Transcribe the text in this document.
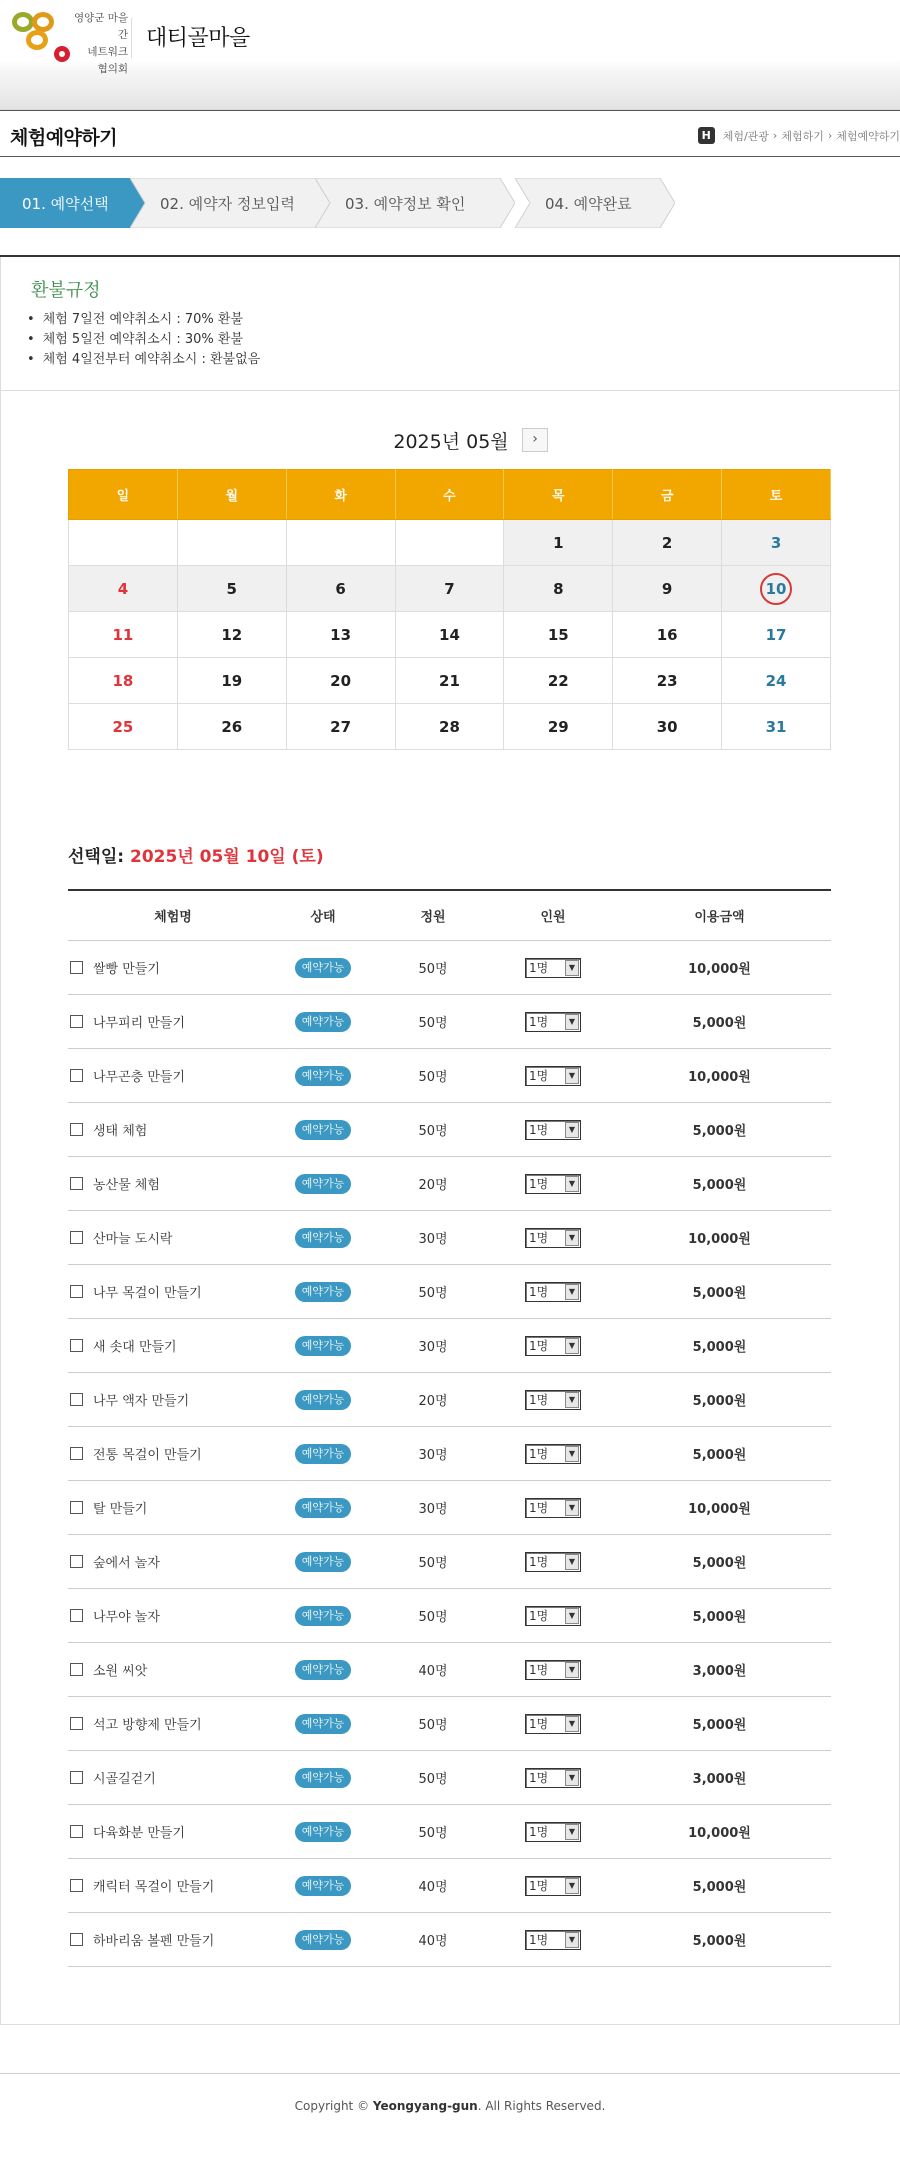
영양군 마을 간
네트워크
협의회
대티골마을
체험예약하기	H	체험/관광 › 체험하기 › 체험예약하기
01. 예약선택	02. 예약자 정보입력	03. 예약정보 확인	04. 예약완료
환불규정
• 체험 7일전 예약취소시 : 70% 환불
• 체험 5일전 예약취소시 : 30% 환불
• 체험 4일전부터 예약취소시 : 환불없음
2025년 05월	›
일	월	화	수	목	금	토
				1	2	3
4	5	6	7	8	9	10
11	12	13	14	15	16	17
18	19	20	21	22	23	24
25	26	27	28	29	30	31
선택일: 2025년 05월 10일 (토)
체험명	상태	정원	인원	이용금액
쌀빵 만들기	예약가능	50명	1명	▼	10,000원
나무피리 만들기	예약가능	50명	1명	▼	5,000원
나무곤충 만들기	예약가능	50명	1명	▼	10,000원
생태 체험	예약가능	50명	1명	▼	5,000원
농산물 체험	예약가능	20명	1명	▼	5,000원
산마늘 도시락	예약가능	30명	1명	▼	10,000원
나무 목걸이 만들기	예약가능	50명	1명	▼	5,000원
새 솟대 만들기	예약가능	30명	1명	▼	5,000원
나무 액자 만들기	예약가능	20명	1명	▼	5,000원
전통 목걸이 만들기	예약가능	30명	1명	▼	5,000원
탈 만들기	예약가능	30명	1명	▼	10,000원
숲에서 놀자	예약가능	50명	1명	▼	5,000원
나무야 놀자	예약가능	50명	1명	▼	5,000원
소원 씨앗	예약가능	40명	1명	▼	3,000원
석고 방향제 만들기	예약가능	50명	1명	▼	5,000원
시골길걷기	예약가능	50명	1명	▼	3,000원
다육화분 만들기	예약가능	50명	1명	▼	10,000원
캐릭터 목걸이 만들기	예약가능	40명	1명	▼	5,000원
하바리움 볼펜 만들기	예약가능	40명	1명	▼	5,000원
Copyright © Yeongyang-gun. All Rights Reserved.
